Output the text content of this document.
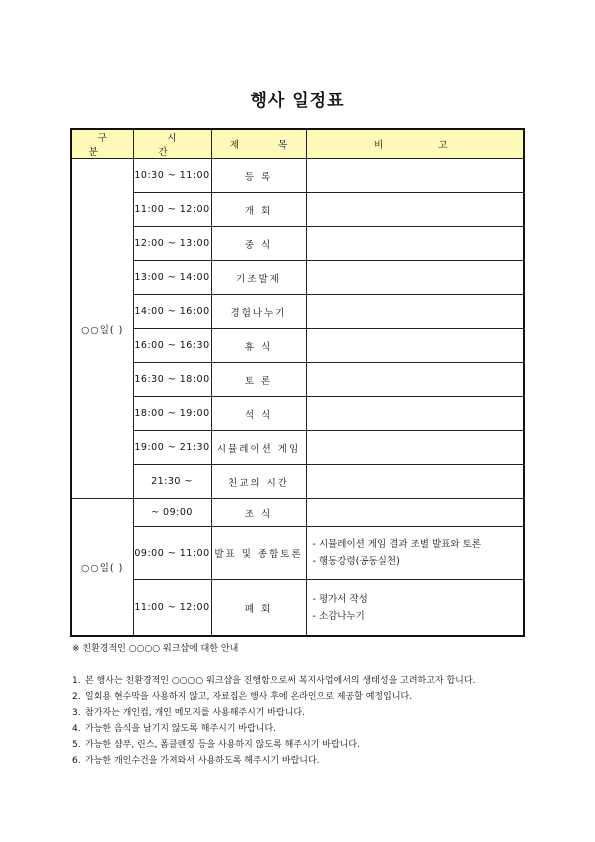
행사 일정표
구 분	시 간	제 목	비 고
○○일( )	10:30 ~ 11:00	등 록	
	11:00 ~ 12:00	개 회	
	12:00 ~ 13:00	중 식	
	13:00 ~ 14:00	기조발제	
	14:00 ~ 16:00	경험나누기	
	16:00 ~ 16:30	휴 식	
	16:30 ~ 18:00	토 론	
	18:00 ~ 19:00	석 식	
	19:00 ~ 21:30	시뮬레이션 게임	
	21:30 ~	친교의 시간	
○○일( )	~ 09:00	조 식	
	09:00 ~ 11:00	발표 및 종합토론	- 시뮬레이션 게임 결과 조별 발표와 토론
- 행동강령(공동실천)

	11:00 ~ 12:00	폐 회	- 평가서 작성
- 소감나누기
※ 친환경적인 ○○○○ 워크샵에 대한 안내
1. 본 행사는 친환경적인 ○○○○ 워크샵을 진행함으로써 복지사업에서의 생태성을 고려하고자 합니다.
2. 일회용 현수막을 사용하지 않고, 자료집은 행사 후에 온라인으로 제공할 예정입니다.
3. 참가자는 개인컵, 개인 메모지를 사용해주시기 바랍니다.
4. 가능한 음식을 남기지 않도록 해주시기 바랍니다.
5. 가능한 샴푸, 린스, 폼클렌징 등을 사용하지 않도록 해주시기 바랍니다.
6. 가능한 개인수건을 가져와서 사용하도록 해주시기 바랍니다.
